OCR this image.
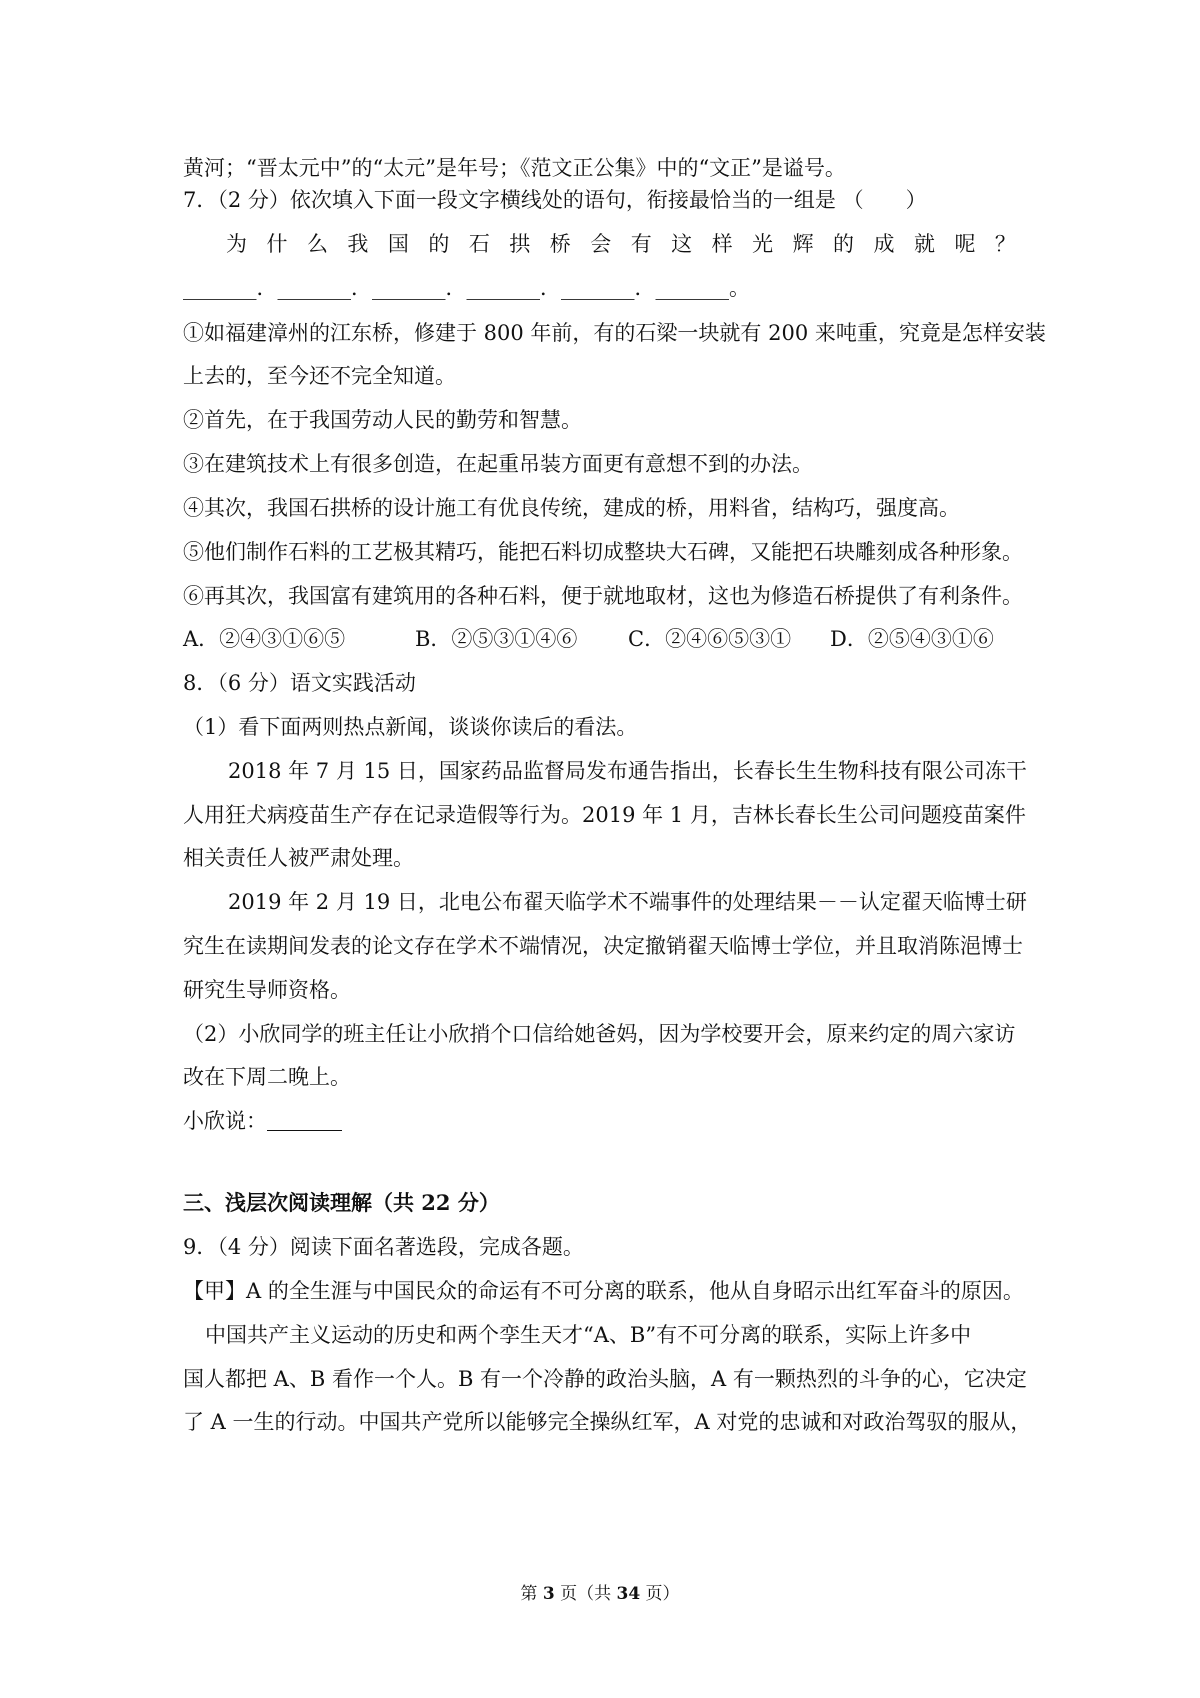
黄河；“晋太元中”的“太元”是年号；《范文正公集》中的“文正”是谥号。
7．（2 分）依次填入下面一段文字横线处的语句，衔接最恰当的一组是 （　　）
为 什 么 我 国 的 石 拱 桥 会 有 这 样 光 辉 的 成 就 呢 ？
_______．_______．_______．_______．_______．_______。
①如福建漳州的江东桥，修建于 800 年前，有的石梁一块就有 200 来吨重，究竟是怎样安装
上去的，至今还不完全知道。
②首先，在于我国劳动人民的勤劳和智慧。
③在建筑技术上有很多创造，在起重吊装方面更有意想不到的办法。
④其次，我国石拱桥的设计施工有优良传统，建成的桥，用料省，结构巧，强度高。
⑤他们制作石料的工艺极其精巧，能把石料切成整块大石碑，又能把石块雕刻成各种形象。
⑥再其次，我国富有建筑用的各种石料，便于就地取材，这也为修造石桥提供了有利条件。
A．②④③①⑥⑤	B．②⑤③①④⑥	C．②④⑥⑤③①	D．②⑤④③①⑥
8．（6 分）语文实践活动
（1）看下面两则热点新闻，谈谈你读后的看法。
2018 年 7 月 15 日，国家药品监督局发布通告指出，长春长生生物科技有限公司冻干
人用狂犬病疫苗生产存在记录造假等行为。2019 年 1 月，吉林长春长生公司问题疫苗案件
相关责任人被严肃处理。
2019 年 2 月 19 日，北电公布翟天临学术不端事件的处理结果－－认定翟天临博士研
究生在读期间发表的论文存在学术不端情况，决定撤销翟天临博士学位，并且取消陈浥博士
研究生导师资格。
（2）小欣同学的班主任让小欣捎个口信给她爸妈，因为学校要开会，原来约定的周六家访
改在下周二晚上。
小欣说：
三、浅层次阅读理解（共 22 分）
9．（4 分）阅读下面名著选段，完成各题。
【甲】A 的全生涯与中国民众的命运有不可分离的联系，他从自身昭示出红军奋斗的原因。
中国共产主义运动的历史和两个孪生天才“A、B”有不可分离的联系，实际上许多中
国人都把 A、B 看作一个人。B 有一个冷静的政治头脑，A 有一颗热烈的斗争的心，它决定
了 A 一生的行动。中国共产党所以能够完全操纵红军，A 对党的忠诚和对政治驾驭的服从，
第 3 页（共 34 页）
